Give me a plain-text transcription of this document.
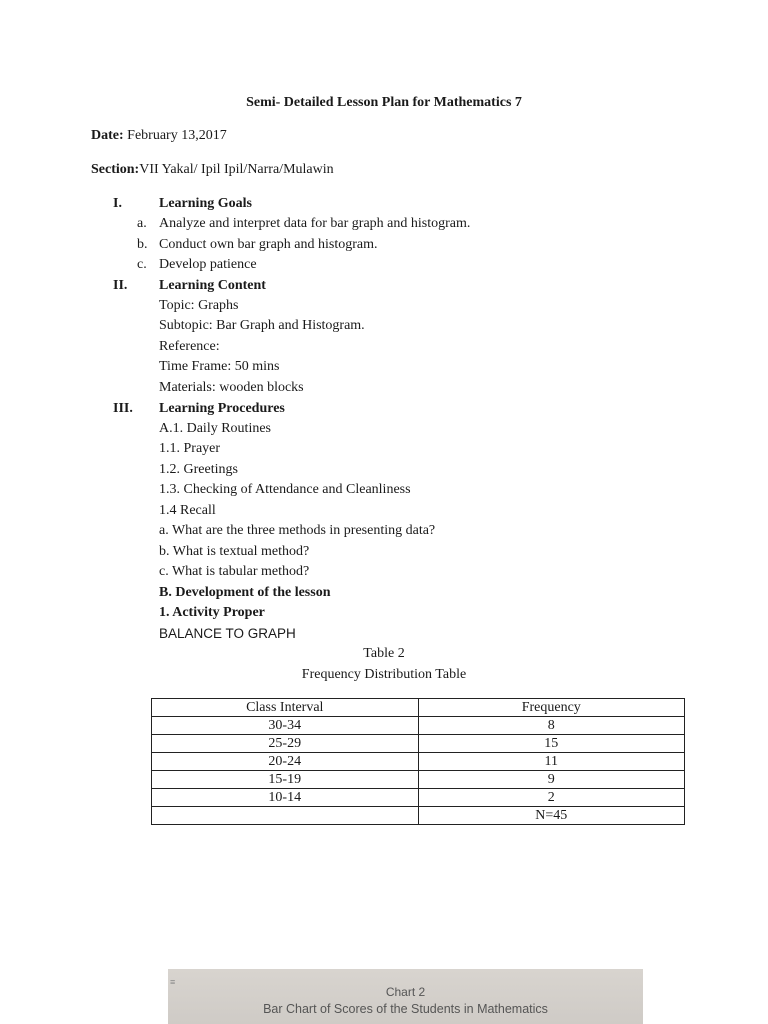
Semi- Detailed Lesson Plan for Mathematics 7
Date: February 13,2017
Section:VII Yakal/ Ipil Ipil/Narra/Mulawin
I.	Learning Goals
a. Analyze and interpret data for bar graph and histogram.
b. Conduct own bar graph and histogram.
c. Develop patience
II. Learning Content
Topic: Graphs
Subtopic: Bar Graph and Histogram.
Reference:
Time Frame: 50 mins
Materials: wooden blocks
III. Learning Procedures
A.1. Daily Routines
1.1. Prayer
1.2. Greetings
1.3. Checking of Attendance and Cleanliness
1.4 Recall
a. What are the three methods in presenting data?
b. What is textual method?
c. What is tabular method?
B. Development of the lesson
1. Activity Proper
BALANCE TO GRAPH
Table 2
Frequency Distribution Table
Class Interval	Frequency
30-34	8
25-29	15
20-24	11
15-19	9
10-14	2
	N=45
≡
Chart 2
Bar Chart of Scores of the Students in Mathematics
